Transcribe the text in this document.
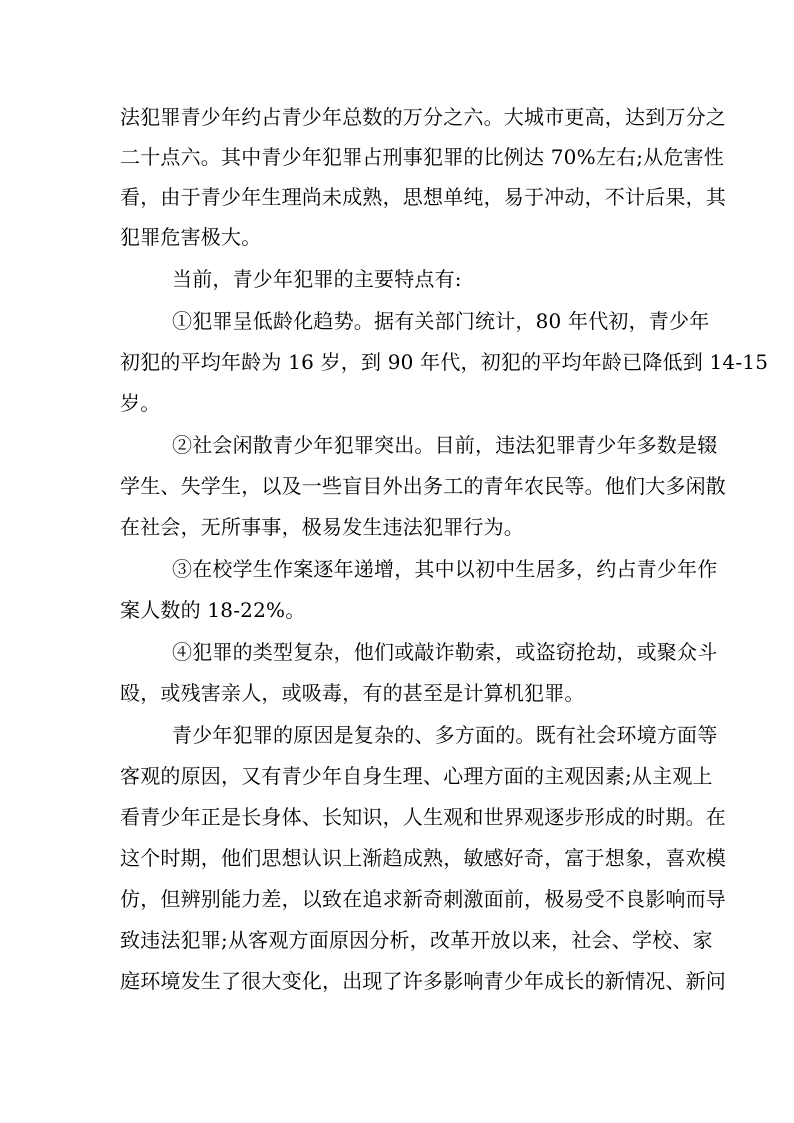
法犯罪青少年约占青少年总数的万分之六。大城市更高，达到万分之
二十点六。其中青少年犯罪占刑事犯罪的比例达 70%左右;从危害性
看，由于青少年生理尚未成熟，思想单纯，易于冲动，不计后果，其
犯罪危害极大。
当前，青少年犯罪的主要特点有:
①犯罪呈低龄化趋势。据有关部门统计，80 年代初，青少年
初犯的平均年龄为 16 岁，到 90 年代，初犯的平均年龄已降低到 14-15
岁。
②社会闲散青少年犯罪突出。目前，违法犯罪青少年多数是辍
学生、失学生，以及一些盲目外出务工的青年农民等。他们大多闲散
在社会，无所事事，极易发生违法犯罪行为。
③在校学生作案逐年递增，其中以初中生居多，约占青少年作
案人数的 18-22%。
④犯罪的类型复杂，他们或敲诈勒索，或盗窃抢劫，或聚众斗
殴，或残害亲人，或吸毒，有的甚至是计算机犯罪。
青少年犯罪的原因是复杂的、多方面的。既有社会环境方面等
客观的原因，又有青少年自身生理、心理方面的主观因素;从主观上
看青少年正是长身体、长知识，人生观和世界观逐步形成的时期。在
这个时期，他们思想认识上渐趋成熟，敏感好奇，富于想象，喜欢模
仿，但辨别能力差，以致在追求新奇刺激面前，极易受不良影响而导
致违法犯罪;从客观方面原因分析，改革开放以来，社会、学校、家
庭环境发生了很大变化，出现了许多影响青少年成长的新情况、新问
